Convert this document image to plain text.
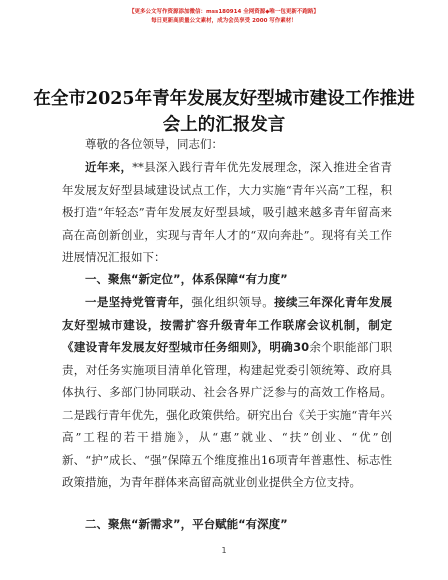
【更多公文写作资源添加微信：mss180914 全网资源◆唯一包更新不跑路】
每日更新高质量公文素材，成为会员享受 2000 写作素材！
在全市2025年青年发展友好型城市建设工作推进会上的汇报发言
尊敬的各位领导，同志们：
近年来，**县深入践行青年优先发展理念，深入推进全省青年发展友好型县域建设试点工作，大力实施“青年兴高”工程，积极打造“年轻态”青年发展友好型县域，吸引越来越多青年留高来高在高创新创业，实现与青年人才的“双向奔赴”。现将有关工作进展情况汇报如下：
一、聚焦“新定位”，体系保障“有力度”
一是坚持党管青年，强化组织领导。接续三年深化青年发展友好型城市建设，按需扩容升级青年工作联席会议机制，制定《建设青年发展友好型城市任务细则》，明确30余个职能部门职责，对任务实施项目清单化管理，构建起党委引领统筹、政府具体执行、多部门协同联动、社会各界广泛参与的高效工作格局。二是践行青年优先，强化政策供给。研究出台《关于实施“青年兴高”工程的若干措施》，从“惠”就业、“扶”创业、“优”创新、“护”成长、“强”保障五个维度推出16项青年普惠性、标志性政策措施，为青年群体来高留高就业创业提供全方位支持。
二、聚焦“新需求”，平台赋能“有深度”
1
